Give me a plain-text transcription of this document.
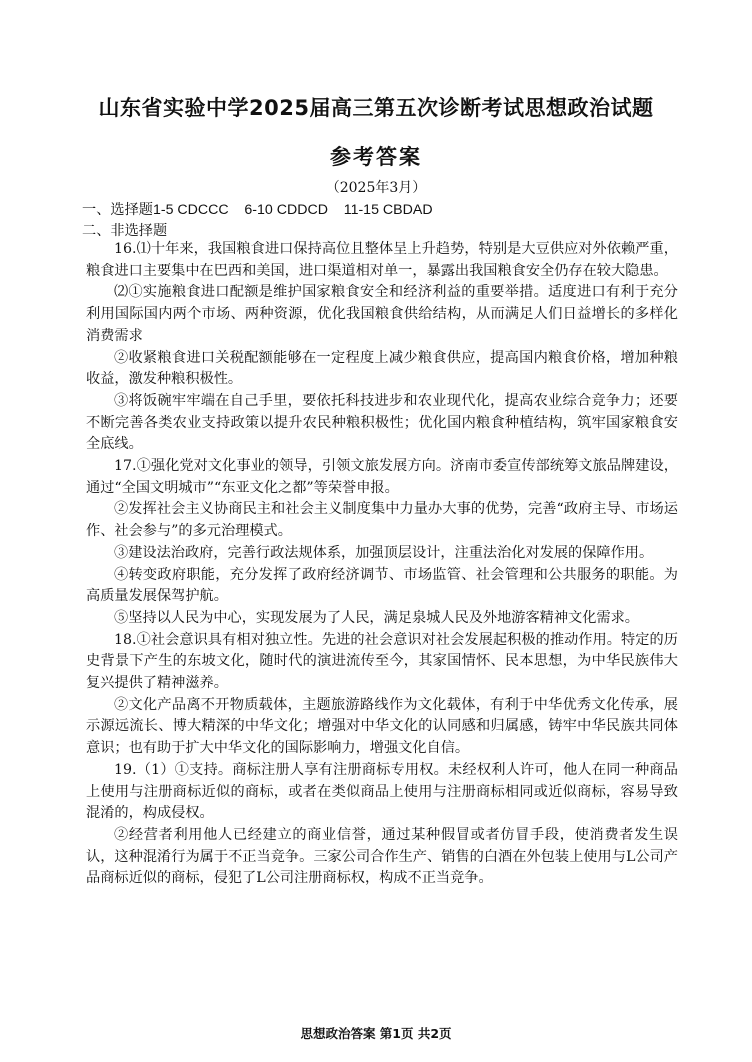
山东省实验中学2025届高三第五次诊断考试思想政治试题
参考答案
（2025年3月）
一、选择题1-5 CDCCC    6-10 CDDCD    11-15 CBDAD
二、非选择题

16.⑴十年来，我国粮食进口保持高位且整体呈上升趋势，特别是大豆供应对外依赖严重，粮食进口主要集中在巴西和美国，进口渠道相对单一，暴露出我国粮食安全仍存在较大隐患。

⑵①实施粮食进口配额是维护国家粮食安全和经济利益的重要举措。适度进口有利于充分利用国际国内两个市场、两种资源，优化我国粮食供给结构，从而满足人们日益增长的多样化消费需求

②收紧粮食进口关税配额能够在一定程度上减少粮食供应，提高国内粮食价格，增加种粮收益，激发种粮积极性。

③将饭碗牢牢端在自己手里，要依托科技进步和农业现代化，提高农业综合竞争力；还要不断完善各类农业支持政策以提升农民种粮积极性；优化国内粮食种植结构，筑牢国家粮食安全底线。

17.①强化党对文化事业的领导，引领文旅发展方向。济南市委宣传部统筹文旅品牌建设，通过“全国文明城市”“东亚文化之都”等荣誉申报。

②发挥社会主义协商民主和社会主义制度集中力量办大事的优势，完善“政府主导、市场运作、社会参与”的多元治理模式。

③建设法治政府，完善行政法规体系，加强顶层设计，注重法治化对发展的保障作用。

④转变政府职能，充分发挥了政府经济调节、市场监管、社会管理和公共服务的职能。为高质量发展保驾护航。

⑤坚持以人民为中心，实现发展为了人民，满足泉城人民及外地游客精神文化需求。

18.①社会意识具有相对独立性。先进的社会意识对社会发展起积极的推动作用。特定的历史背景下产生的东坡文化，随时代的演进流传至今，其家国情怀、民本思想，为中华民族伟大复兴提供了精神滋养。

②文化产品离不开物质载体，主题旅游路线作为文化载体，有利于中华优秀文化传承，展示源远流长、博大精深的中华文化；增强对中华文化的认同感和归属感，铸牢中华民族共同体意识；也有助于扩大中华文化的国际影响力，增强文化自信。

19.（1）①支持。商标注册人享有注册商标专用权。未经权利人许可，他人在同一种商品上使用与注册商标近似的商标，或者在类似商品上使用与注册商标相同或近似商标，容易导致混淆的，构成侵权。

②经营者利用他人已经建立的商业信誉，通过某种假冒或者仿冒手段，使消费者发生误认，这种混淆行为属于不正当竞争。三家公司合作生产、销售的白酒在外包装上使用与L公司产品商标近似的商标，侵犯了L公司注册商标权，构成不正当竞争。

思想政治答案 第1页 共2页
